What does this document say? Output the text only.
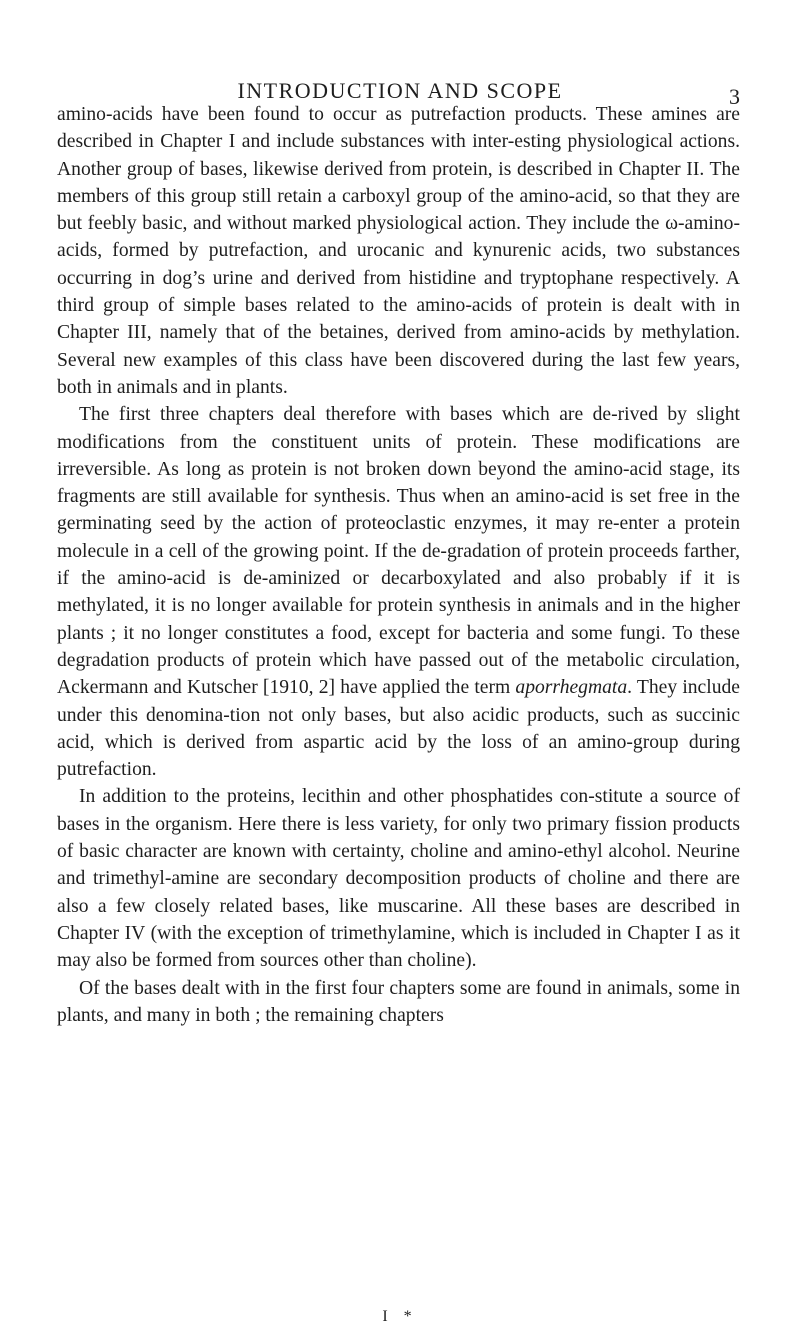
INTRODUCTION AND SCOPE	3

amino-acids have been found to occur as putrefaction products. These amines are described in Chapter I and include substances with inter-esting physiological actions. Another group of bases, likewise derived from protein, is described in Chapter II. The members of this group still retain a carboxyl group of the amino-acid, so that they are but feebly basic, and without marked physiological action. They include the ω-amino-acids, formed by putrefaction, and urocanic and kynurenic acids, two substances occurring in dog’s urine and derived from histidine and tryptophane respectively. A third group of simple bases related to the amino-acids of protein is dealt with in Chapter III, namely that of the betaines, derived from amino-acids by methylation. Several new examples of this class have been discovered during the last few years, both in animals and in plants.

The first three chapters deal therefore with bases which are de-rived by slight modifications from the constituent units of protein. These modifications are irreversible. As long as protein is not broken down beyond the amino-acid stage, its fragments are still available for synthesis. Thus when an amino-acid is set free in the germinating seed by the action of proteoclastic enzymes, it may re-enter a protein molecule in a cell of the growing point. If the de-gradation of protein proceeds farther, if the amino-acid is de-aminized or decarboxylated and also probably if it is methylated, it is no longer available for protein synthesis in animals and in the higher plants ; it no longer constitutes a food, except for bacteria and some fungi. To these degradation products of protein which have passed out of the metabolic circulation, Ackermann and Kutscher [1910, 2] have applied the term aporrhegmata. They include under this denomina-tion not only bases, but also acidic products, such as succinic acid, which is derived from aspartic acid by the loss of an amino-group during putrefaction.

In addition to the proteins, lecithin and other phosphatides con-stitute a source of bases in the organism. Here there is less variety, for only two primary fission products of basic character are known with certainty, choline and amino-ethyl alcohol. Neurine and trimethyl-amine are secondary decomposition products of choline and there are also a few closely related bases, like muscarine. All these bases are described in Chapter IV (with the exception of trimethylamine, which is included in Chapter I as it may also be formed from sources other than choline).

Of the bases dealt with in the first four chapters some are found in animals, some in plants, and many in both ; the remaining chapters

I *
